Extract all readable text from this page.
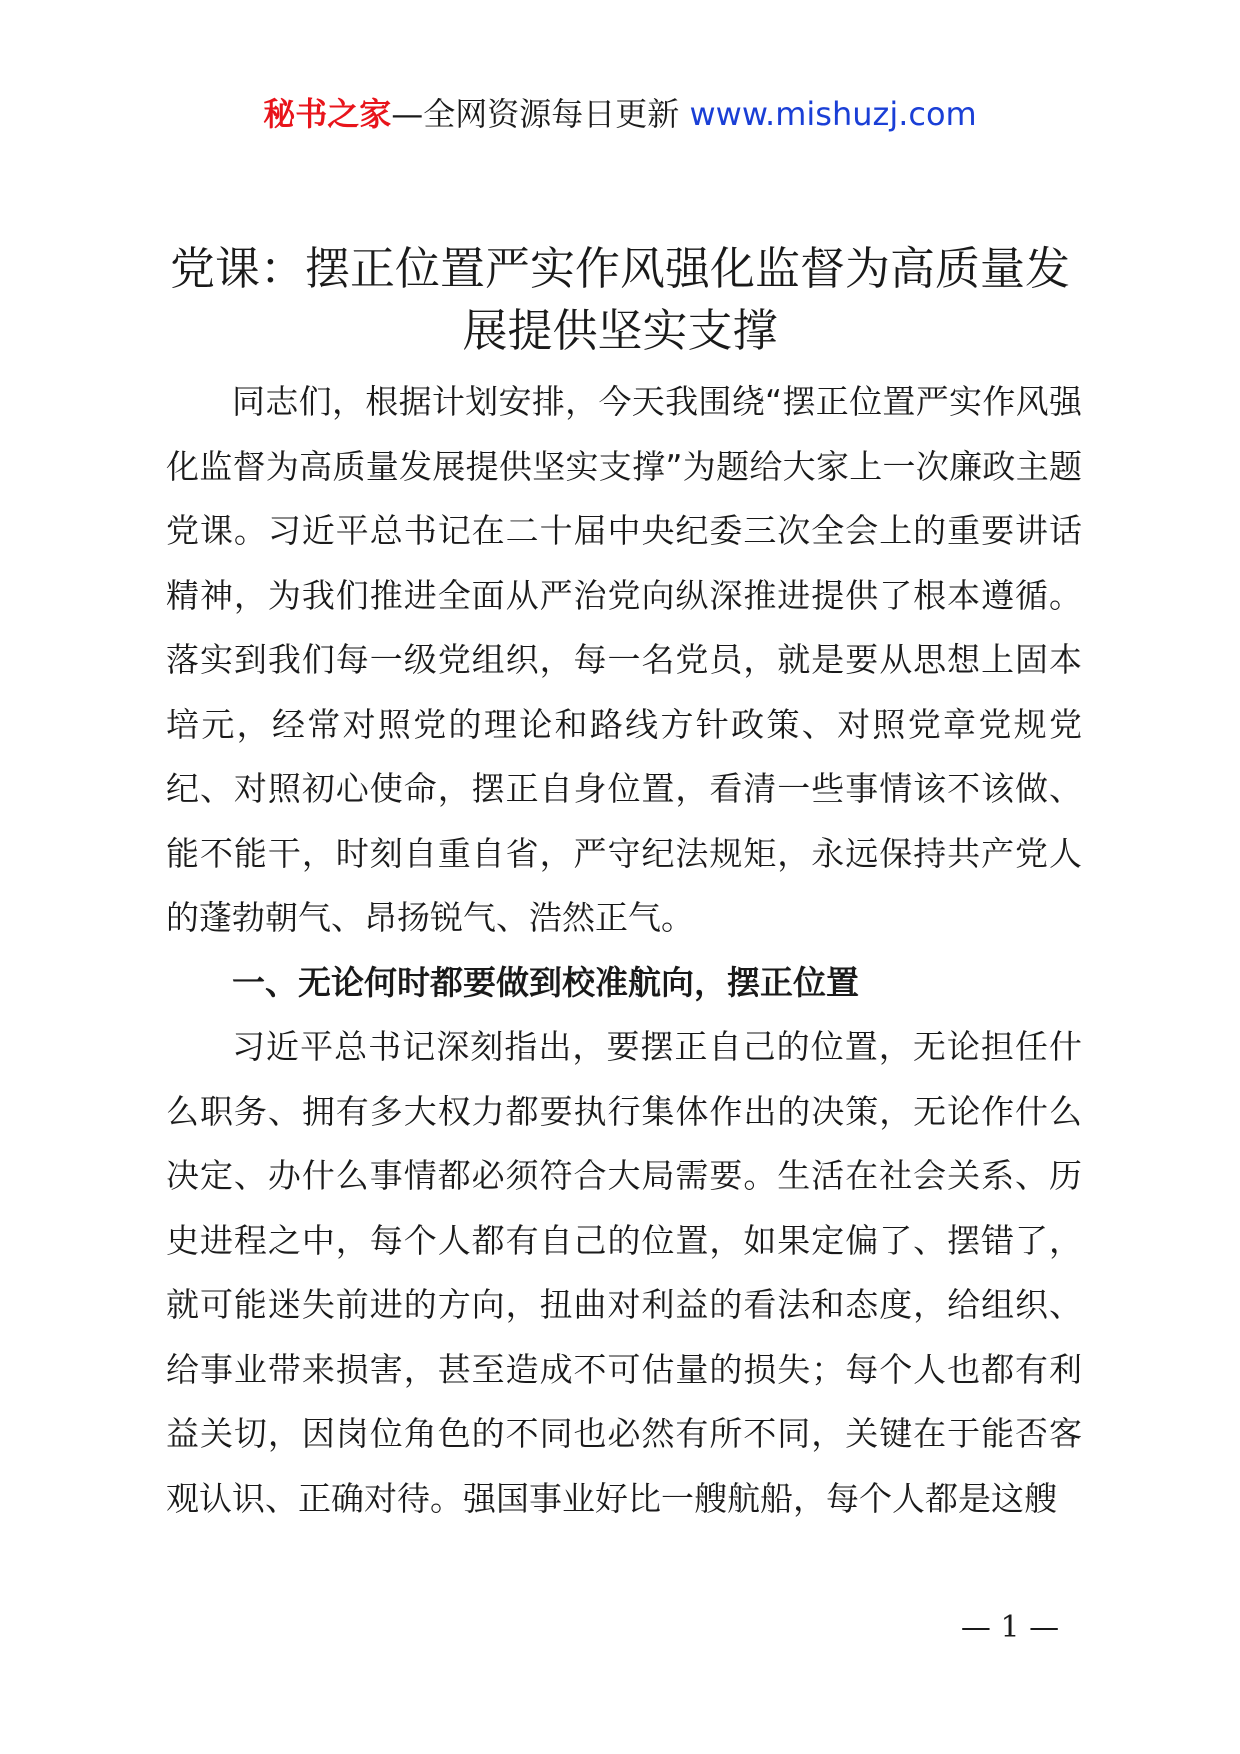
秘书之家—全网资源每日更新 www.mishuzj.com
党课：摆正位置严实作风强化监督为高质量发展提供坚实支撑

同志们，根据计划安排，今天我围绕“摆正位置严实作风强化监督为高质量发展提供坚实支撑”为题给大家上一次廉政主题党课。习近平总书记在二十届中央纪委三次全会上的重要讲话精神，为我们推进全面从严治党向纵深推进提供了根本遵循。落实到我们每一级党组织，每一名党员，就是要从思想上固本培元，经常对照党的理论和路线方针政策、对照党章党规党纪、对照初心使命，摆正自身位置，看清一些事情该不该做、能不能干，时刻自重自省，严守纪法规矩，永远保持共产党人的蓬勃朝气、昂扬锐气、浩然正气。

一、无论何时都要做到校准航向，摆正位置

习近平总书记深刻指出，要摆正自己的位置，无论担任什么职务、拥有多大权力都要执行集体作出的决策，无论作什么决定、办什么事情都必须符合大局需要。生活在社会关系、历史进程之中，每个人都有自己的位置，如果定偏了、摆错了，就可能迷失前进的方向，扭曲对利益的看法和态度，给组织、给事业带来损害，甚至造成不可估量的损失；每个人也都有利益关切，因岗位角色的不同也必然有所不同，关键在于能否客观认识、正确对待。强国事业好比一艘航船，每个人都是这艘

— 1 —
